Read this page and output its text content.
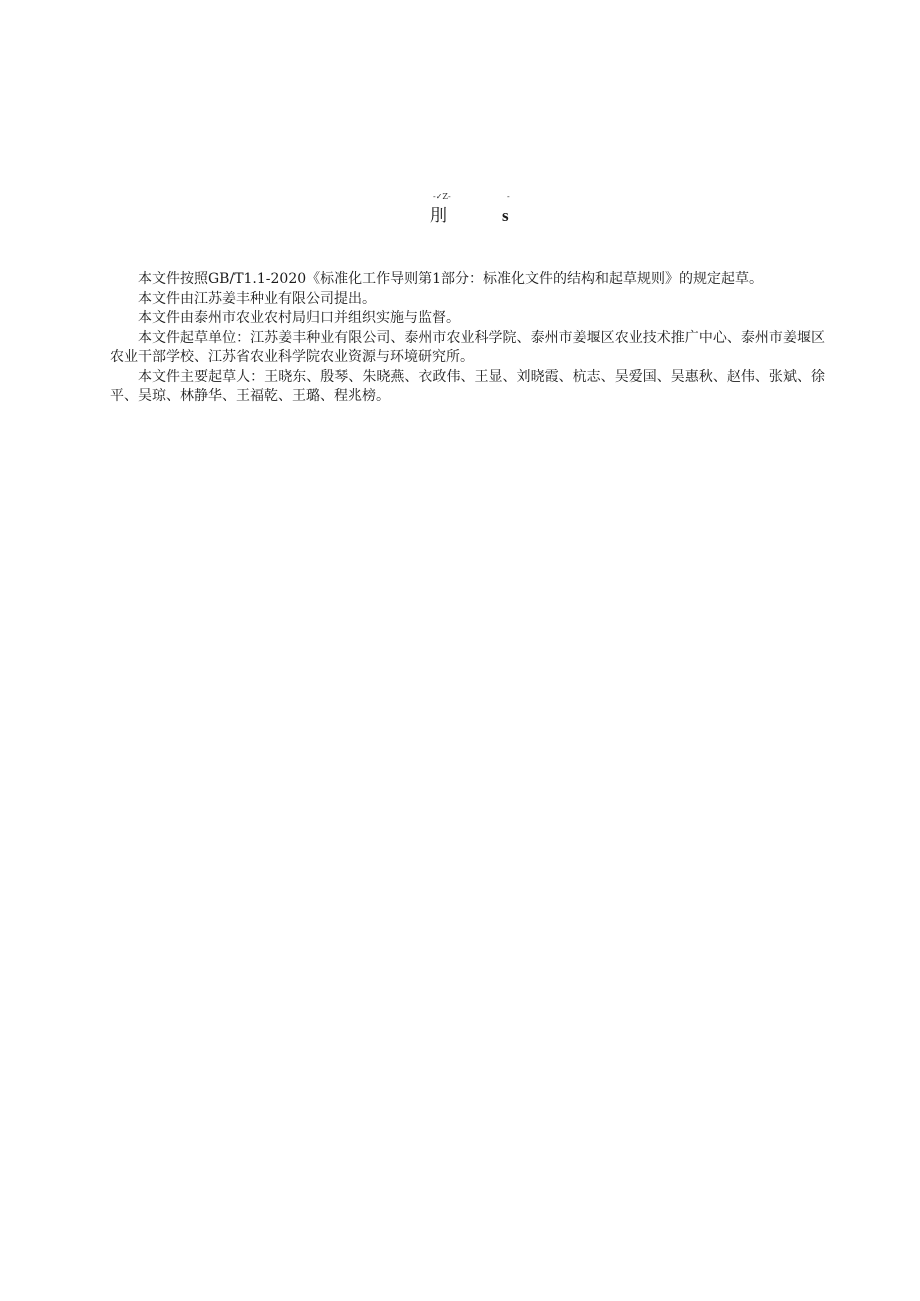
-✓Z-	-
刖	s

本文件按照GB/T1.1-2020《标准化工作导则第1部分：标准化文件的结构和起草规则》的规定起草。

本文件由江苏姜丰种业有限公司提出。

本文件由泰州市农业农村局归口并组织实施与监督。

本文件起草单位：江苏姜丰种业有限公司、泰州市农业科学院、泰州市姜堰区农业技术推广中心、泰州市姜堰区农业干部学校、江苏省农业科学院农业资源与环境研究所。

本文件主要起草人：王晓东、殷琴、朱晓燕、衣政伟、王显、刘晓霞、杭志、吴爱国、吴惠秋、赵伟、张斌、徐平、吴琼、林静华、王福乾、王璐、程兆榜。
